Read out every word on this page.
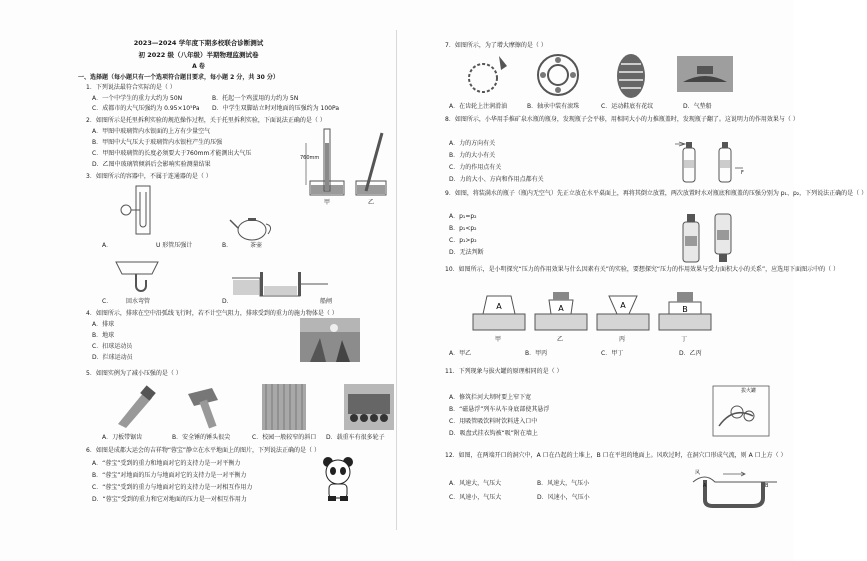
2023—2024 学年度下期多校联合诊断测试
初 2022 级（八年级）半期物理监测试卷
A 卷
一、选择题（每小题只有一个选项符合题目要求，每小题 2 分，共 30 分）
1．下列说法最符合实际的是（ ）
A．一个中学生的重力大约为 50N	B．托起一个鸡蛋用的力约为 5N
C．成都市的大气压强约为 0.95×10⁵Pa D．中学生双脚站立时对地面的压强约为 100Pa
2．如图所示是托里拆利实验的规范操作过程，关于托里拆利实验，下面说法正确的是（ ）
A．甲图中玻璃管内水银面的上方有少量空气
B．甲图中大气压大于玻璃管内水银柱产生的压强
C．甲图中玻璃管的长度必须要大于760mm才能测出大气压
D．乙图中玻璃管倾斜后会影响实验测量结果
760mm
甲	乙
3．如图所示的容器中，不属于连通器的是（ ）
A．	U 形管压强计	B．	茶壶
C． 回水弯管	D．	船闸
4．如图所示，排球在空中沿弧线飞行时，若不计空气阻力，排球受到的重力的施力物体是（ ）
A．排球
B．地球
C．扣球运动员
D．拦球运动员
5．如图实例为了减小压强的是（ ）
A．刀板带锯齿	B．安全锤的锤头很尖	C．校园一般较窄的斜口 D．载重车有很多轮子
6．如图是成都大运会的吉祥物“蓉宝”静立在水平地面上的图片，下列说法正确的是（ ）
A．“蓉宝”受到的重力和地面对它的支持力是一对平衡力
B．“蓉宝”对地面的压力与地面对它的支持力是一对平衡力
C．“蓉宝”受到的重力与地面对它的支持力是一对相互作用力
D．“蓉宝”受到的重力和它对地面的压力是一对相互作用力
7．如图所示，为了增大摩擦的是（ ）
A．在齿轮上注润滑油	B．轴承中装有滚珠	C．运动鞋底有花纹	D．气垫船
8．如图所示，小华用手推矿泉水瓶的瓶身，发现瓶子会平移，用相同大小的力推瓶盖时，发现瓶子翻了。这说明力的作用效果与（ ）
A．力的方向有关
B．力的大小有关
C．力的作用点有关
D．力的大小、方向和作用点都有关
F
9．如图，将装满水的瓶子（瓶内无空气）先正立放在水平桌面上，再将其倒立放置，两次放置时水对瓶底和瓶盖的压强分别为 p₁、p₂，下列说法正确的是（ ）
A．p₁=p₂
B．p₁<p₂
C．p₁>p₂
D．无法判断
10．如图所示，是小明探究“压力的作用效果与什么因素有关”的实验，要想探究“压力的作用效果与受力面积大小的关系”，应选用下面图示中的（ ）
A	A	A	B
甲	乙	丙	丁
A．甲乙	B．甲丙	C．甲丁	D．乙丙
11．下列现象与拔火罐的原理相同的是（ ）
A．修筑拦河大坝时要上窄下宽
B．“磁悬浮”列车从车身底部使其悬浮
C．用吸管吸饮料时饮料进入口中
D．吸盘式挂衣钩被“吸”附在墙上
拔火罐
12．如图，在两端开口的洞穴中，A 口在凸起的土堆上，B 口在平坦的地面上。风吹过时，在洞穴口形成气流，则 A 口上方（ ）
A．风速大，气压大	B．风速大，气压小
C．风速小，气压大	D．风速小，气压小
风
A	B
